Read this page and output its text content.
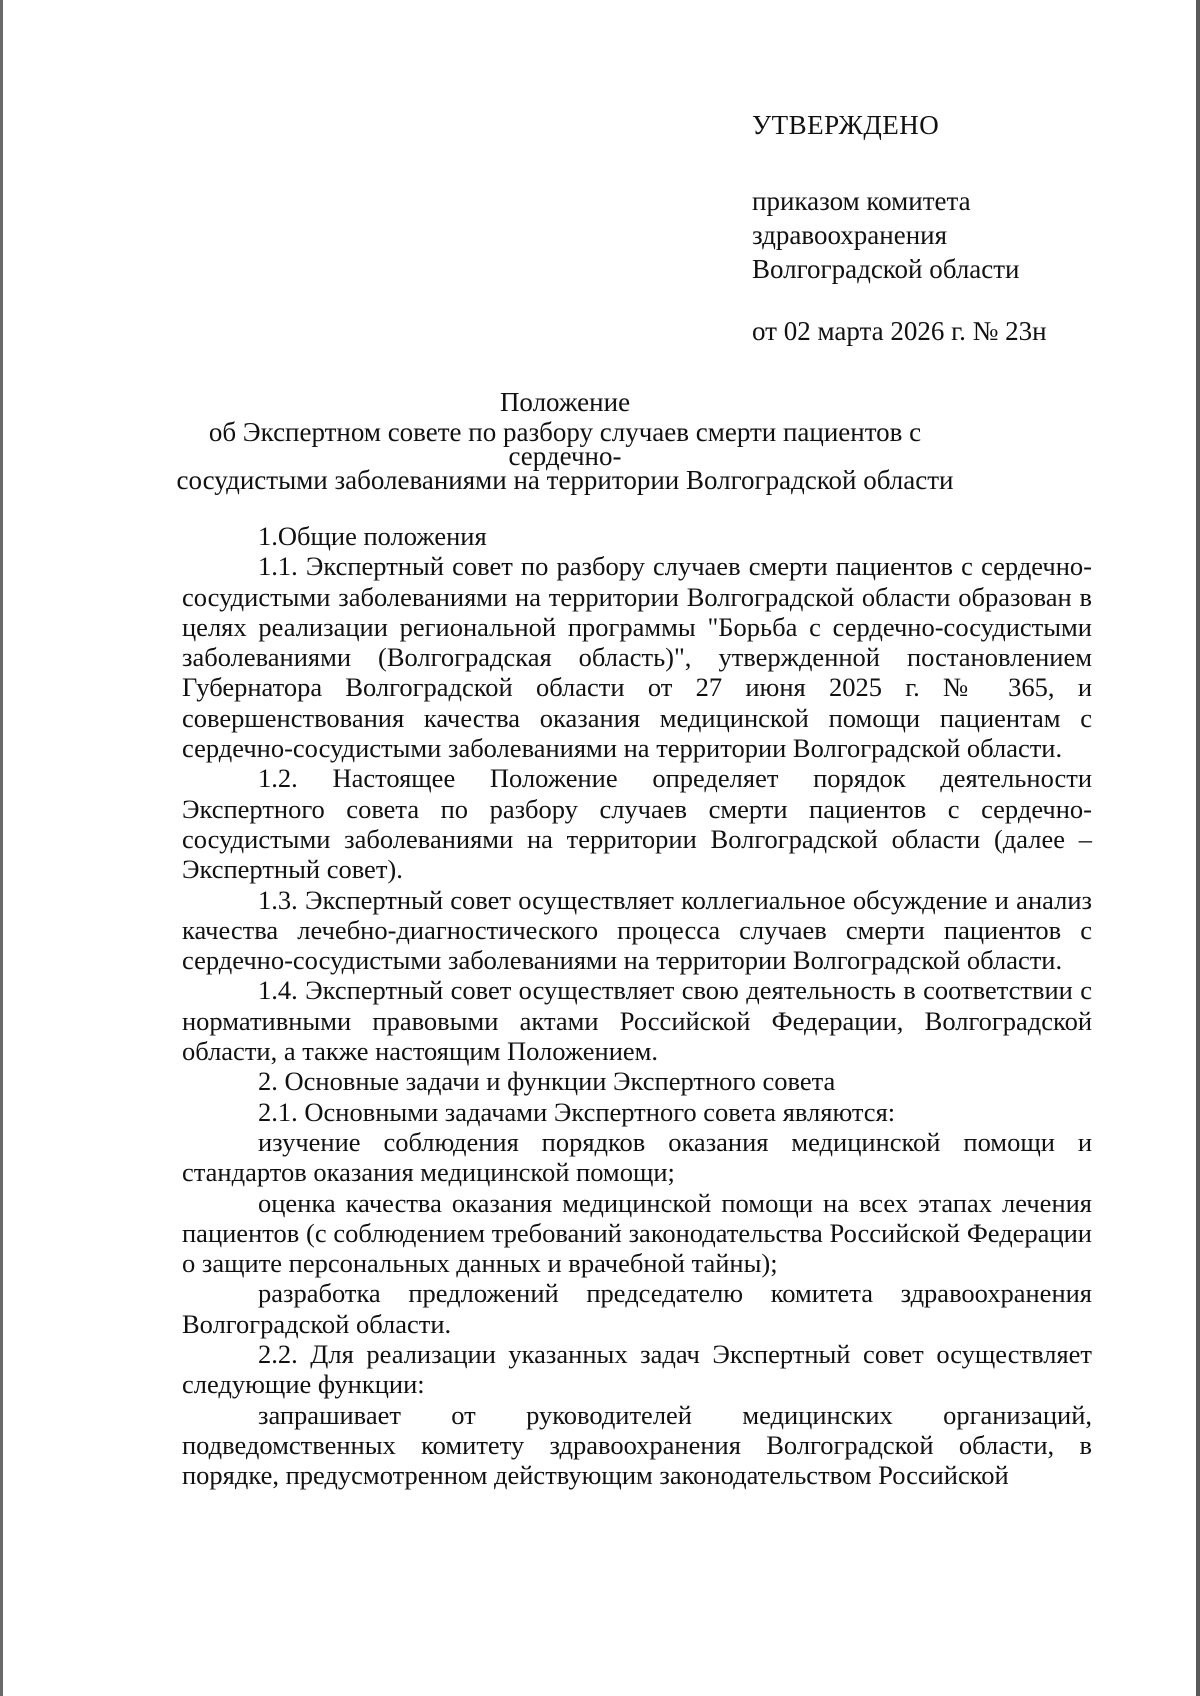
УТВЕРЖДЕНО
приказом комитета
здравоохранения
Волгоградской области
от 02 марта 2026 г. № 23н
Положение
об Экспертном совете по разбору случаев смерти пациентов с сердечно-
сосудистыми заболеваниями на территории Волгоградской области

1.Общие положения

1.1. Экспертный совет по разбору случаев смерти пациентов с сердечно-сосудистыми заболеваниями на территории Волгоградской области образован в целях реализации региональной программы "Борьба с сердечно-сосудистыми заболеваниями (Волгоградская область)", утвержденной постановлением Губернатора Волгоградской области от 27 июня 2025 г. № 365, и совершенствования качества оказания медицинской помощи пациентам с сердечно-сосудистыми заболеваниями на территории Волгоградской области.

1.2. Настоящее Положение определяет порядок деятельности Экспертного совета по разбору случаев смерти пациентов с сердечно-сосудистыми заболеваниями на территории Волгоградской области (далее – Экспертный совет).

1.3. Экспертный совет осуществляет коллегиальное обсуждение и анализ качества лечебно-диагностического процесса случаев смерти пациентов с сердечно-сосудистыми заболеваниями на территории Волгоградской области.

1.4. Экспертный совет осуществляет свою деятельность в соответствии с нормативными правовыми актами Российской Федерации, Волгоградской области, а также настоящим Положением.

2. Основные задачи и функции Экспертного совета

2.1. Основными задачами Экспертного совета являются:

изучение соблюдения порядков оказания медицинской помощи и стандартов оказания медицинской помощи;

оценка качества оказания медицинской помощи на всех этапах лечения пациентов (с соблюдением требований законодательства Российской Федерации о защите персональных данных и врачебной тайны);

разработка предложений председателю комитета здравоохранения Волгоградской области.

2.2. Для реализации указанных задач Экспертный совет осуществляет следующие функции:

запрашивает от руководителей медицинских организаций, подведомственных комитету здравоохранения Волгоградской области, в порядке, предусмотренном действующим законодательством Российской
